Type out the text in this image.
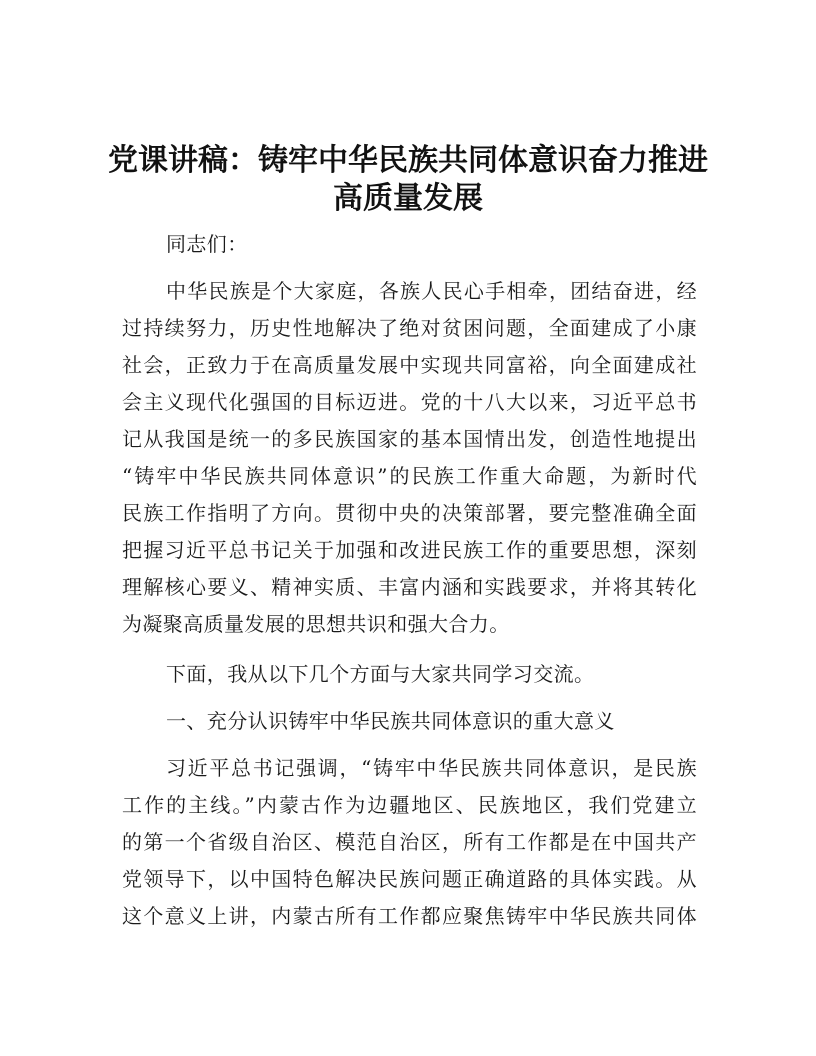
党课讲稿：铸牢中华民族共同体意识奋力推进
高质量发展

同志们：

中华民族是个大家庭，各族人民心手相牵，团结奋进，经
过持续努力，历史性地解决了绝对贫困问题，全面建成了小康
社会，正致力于在高质量发展中实现共同富裕，向全面建成社
会主义现代化强国的目标迈进。党的十八大以来，习近平总书
记从我国是统一的多民族国家的基本国情出发，创造性地提出
“铸牢中华民族共同体意识”的民族工作重大命题，为新时代
民族工作指明了方向。贯彻中央的决策部署，要完整准确全面
把握习近平总书记关于加强和改进民族工作的重要思想，深刻
理解核心要义、精神实质、丰富内涵和实践要求，并将其转化
为凝聚高质量发展的思想共识和强大合力。

下面，我从以下几个方面与大家共同学习交流。

一、充分认识铸牢中华民族共同体意识的重大意义

习近平总书记强调，“铸牢中华民族共同体意识，是民族
工作的主线。”内蒙古作为边疆地区、民族地区，我们党建立
的第一个省级自治区、模范自治区，所有工作都是在中国共产
党领导下，以中国特色解决民族问题正确道路的具体实践。从
这个意义上讲，内蒙古所有工作都应聚焦铸牢中华民族共同体
